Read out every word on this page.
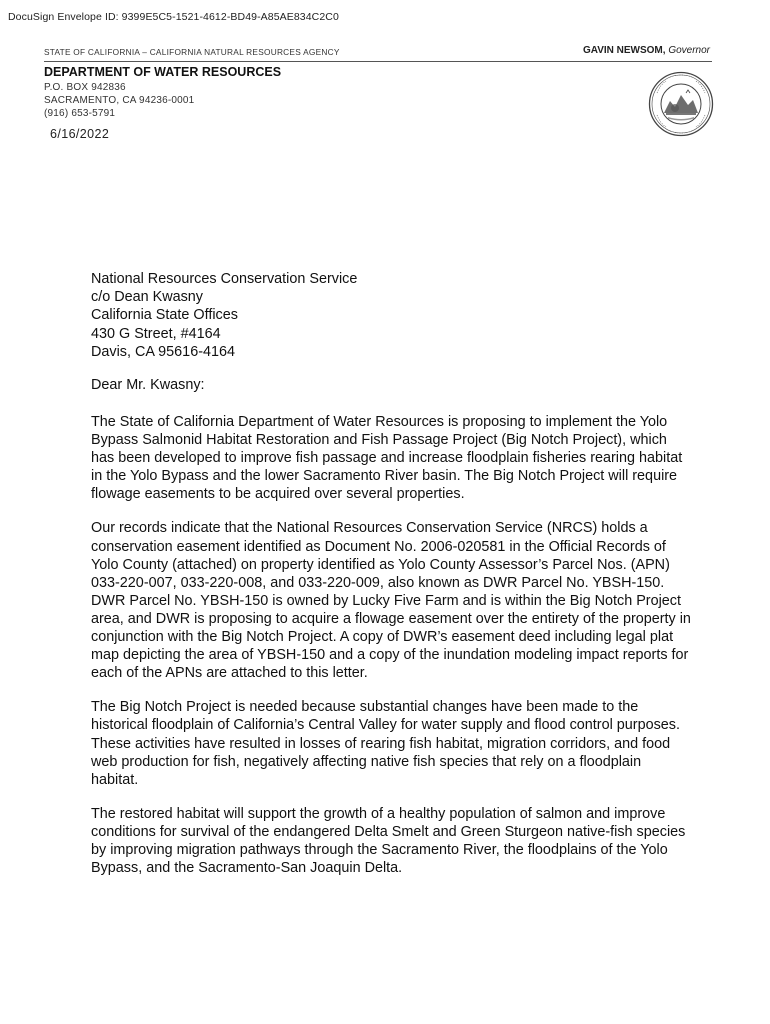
DocuSign Envelope ID: 9399E5C5-1521-4612-BD49-A85AE834C2C0
STATE OF CALIFORNIA – CALIFORNIA NATURAL RESOURCES AGENCY	GAVIN NEWSOM, Governor
DEPARTMENT OF WATER RESOURCES
P.O. BOX 942836
SACRAMENTO, CA 94236-0001
(916) 653-5791
6/16/2022
National Resources Conservation Service
c/o Dean Kwasny
California State Offices
430 G Street, #4164
Davis, CA 95616-4164
Dear Mr. Kwasny:

The State of California Department of Water Resources is proposing to implement the Yolo Bypass Salmonid Habitat Restoration and Fish Passage Project (Big Notch Project), which has been developed to improve fish passage and increase floodplain fisheries rearing habitat in the Yolo Bypass and the lower Sacramento River basin. The Big Notch Project will require flowage easements to be acquired over several properties.

Our records indicate that the National Resources Conservation Service (NRCS) holds a conservation easement identified as Document No. 2006-020581 in the Official Records of Yolo County (attached) on property identified as Yolo County Assessor’s Parcel Nos. (APN) 033-220-007, 033-220-008, and 033-220-009, also known as DWR Parcel No. YBSH-150. DWR Parcel No. YBSH-150 is owned by Lucky Five Farm and is within the Big Notch Project area, and DWR is proposing to acquire a flowage easement over the entirety of the property in conjunction with the Big Notch Project. A copy of DWR’s easement deed including legal plat map depicting the area of YBSH-150 and a copy of the inundation modeling impact reports for each of the APNs are attached to this letter.

The Big Notch Project is needed because substantial changes have been made to the historical floodplain of California’s Central Valley for water supply and flood control purposes. These activities have resulted in losses of rearing fish habitat, migration corridors, and food web production for fish, negatively affecting native fish species that rely on a floodplain habitat.

The restored habitat will support the growth of a healthy population of salmon and improve conditions for survival of the endangered Delta Smelt and Green Sturgeon native-fish species by improving migration pathways through the Sacramento River, the floodplains of the Yolo Bypass, and the Sacramento-San Joaquin Delta.
